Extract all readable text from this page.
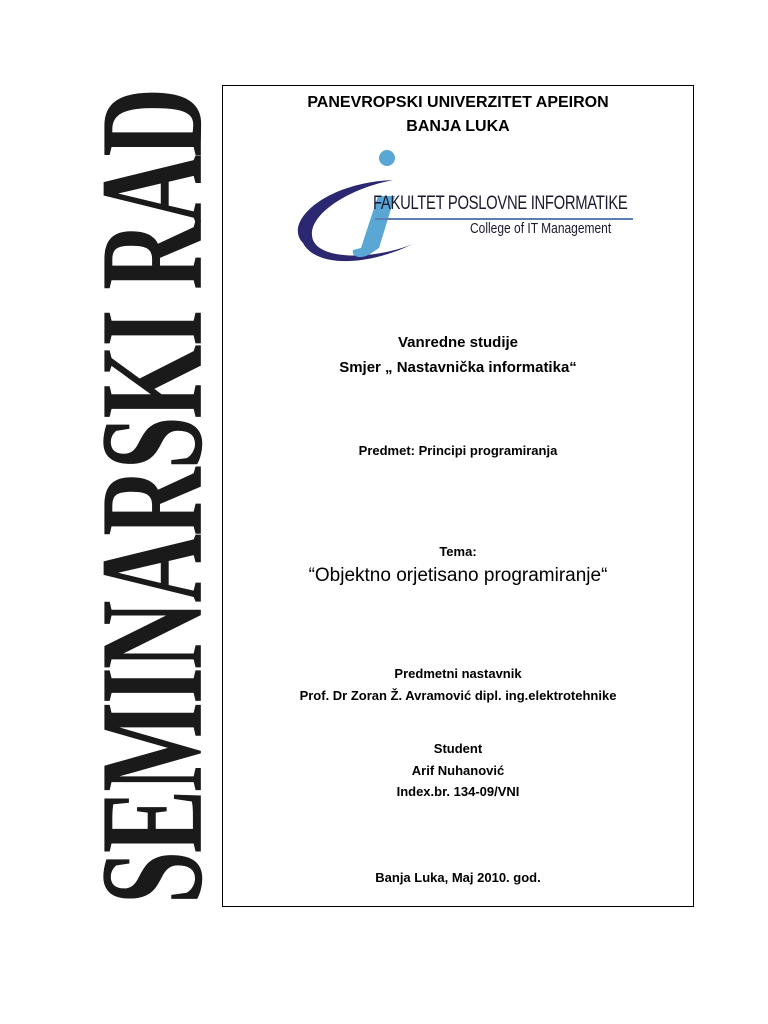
SEMINARSKI RAD	PANEVROPSKI UNIVERZITET APEIRON
BANJA LUKA
FAKULTET POSLOVNE INFORMATIKE
College of IT Management
Vanredne studije
Smjer „ Nastavnička informatika“
Predmet: Principi programiranja
Tema:
“Objektno orjetisano programiranje“
Predmetni nastavnik
Prof. Dr Zoran Ž. Avramović dipl. ing.elektrotehnike
Student
Arif Nuhanović
Index.br. 134-09/VNI
Banja Luka, Maj 2010. god.
